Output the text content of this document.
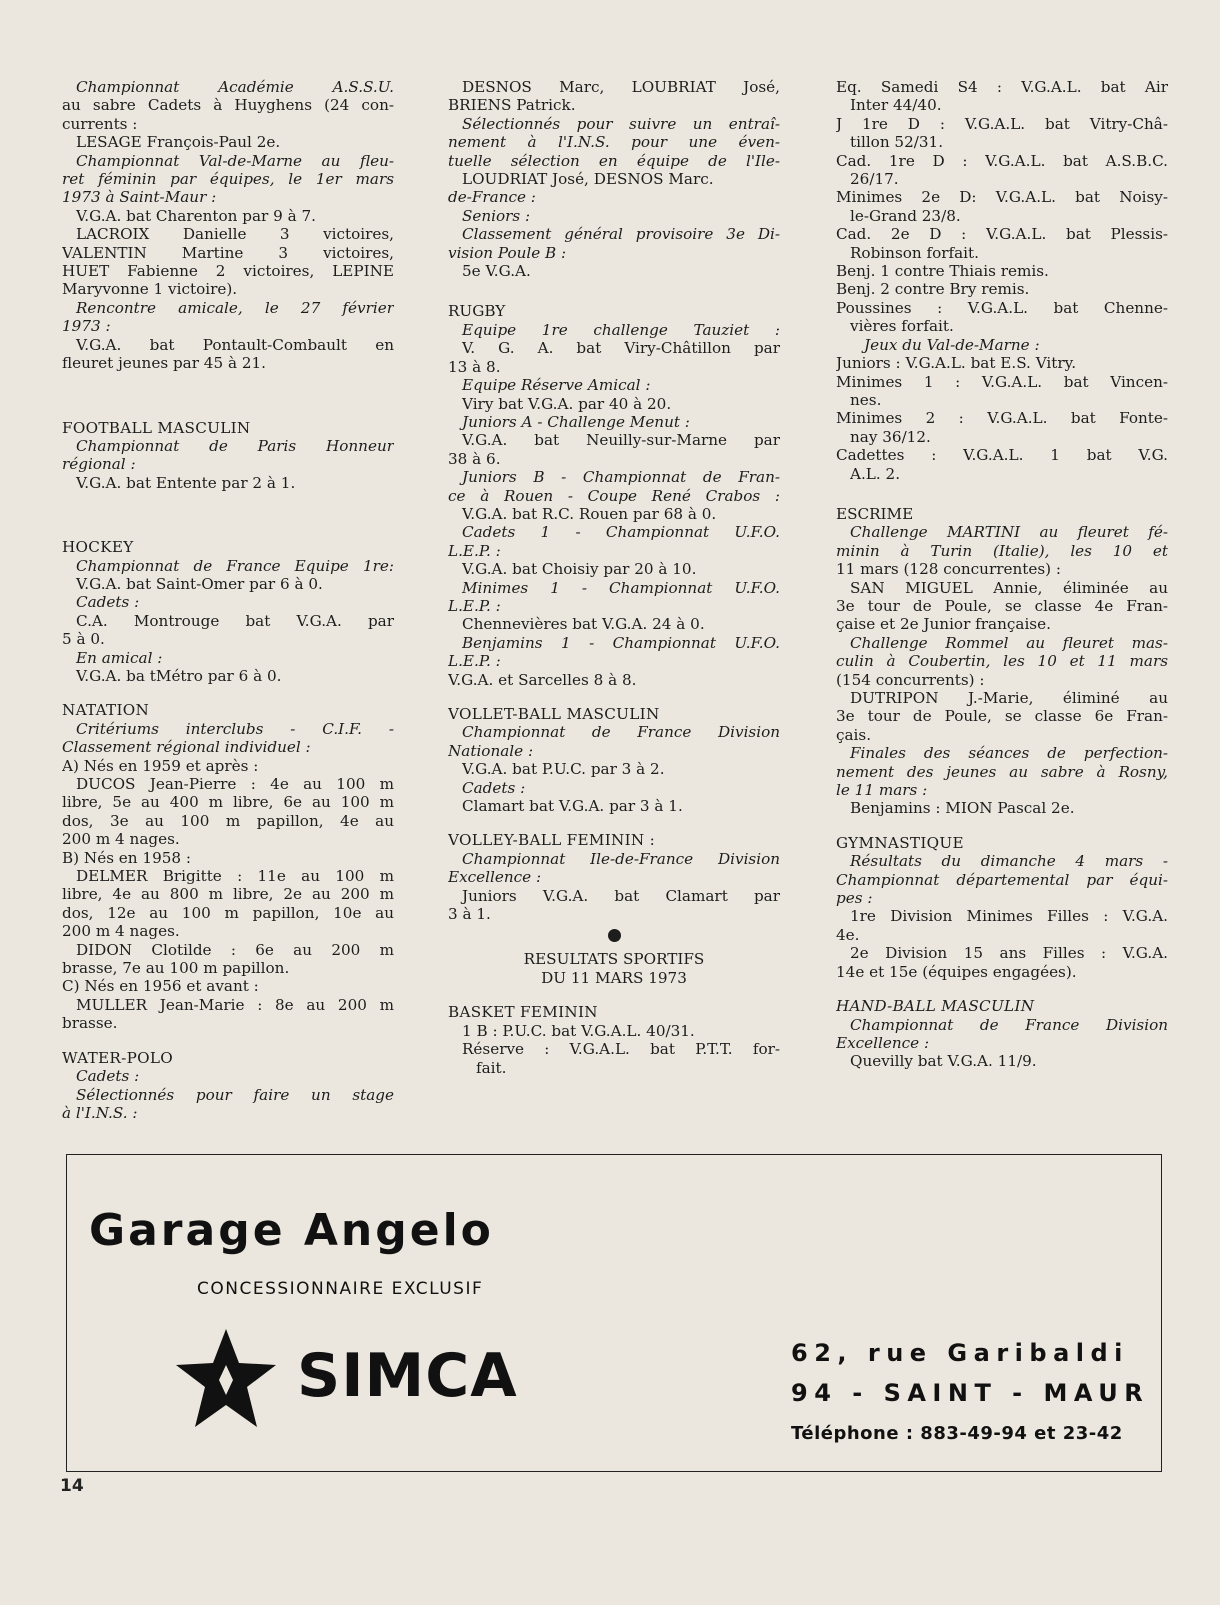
Championnat Académie A.S.S.U.
au sabre Cadets à Huyghens (24 con-
currents :
LESAGE François-Paul 2e.
Championnat Val-de-Marne au fleu-
ret féminin par équipes, le 1er mars
1973 à Saint-Maur :
V.G.A. bat Charenton par 9 à 7.
LACROIX Danielle 3 victoires,
VALENTIN Martine 3 victoires,
HUET Fabienne 2 victoires, LEPINE
Maryvonne 1 victoire).
Rencontre amicale, le 27 février
1973 :
V.G.A. bat Pontault-Combault en
fleuret jeunes par 45 à 21.
FOOTBALL MASCULIN
Championnat de Paris Honneur
régional :
V.G.A. bat Entente par 2 à 1.
HOCKEY
Championnat de France Equipe 1re:
V.G.A. bat Saint-Omer par 6 à 0.
Cadets :
C.A. Montrouge bat V.G.A. par
5 à 0.
En amical :
V.G.A. ba tMétro par 6 à 0.
NATATION
Critériums interclubs - C.I.F. -
Classement régional individuel :
A) Nés en 1959 et après :
DUCOS Jean-Pierre : 4e au 100 m
libre, 5e au 400 m libre, 6e au 100 m
dos, 3e au 100 m papillon, 4e au
200 m 4 nages.
B) Nés en 1958 :
DELMER Brigitte : 11e au 100 m
libre, 4e au 800 m libre, 2e au 200 m
dos, 12e au 100 m papillon, 10e au
200 m 4 nages.
DIDON Clotilde : 6e au 200 m
brasse, 7e au 100 m papillon.
C) Nés en 1956 et avant :
MULLER Jean-Marie : 8e au 200 m
brasse.
WATER-POLO
Cadets :
Sélectionnés pour faire un stage
à l'I.N.S. :
DESNOS Marc, LOUBRIAT José,
BRIENS Patrick.
Sélectionnés pour suivre un entraî-
nement à l'I.N.S. pour une éven-
tuelle sélection en équipe de l'Ile-
LOUDRIAT José, DESNOS Marc.
de-France :
Seniors :
Classement général provisoire 3e Di-
vision Poule B :
5e V.G.A.
RUGBY
Equipe 1re challenge Tauziet :
V. G. A. bat Viry-Châtillon par
13 à 8.
Equipe Réserve Amical :
Viry bat V.G.A. par 40 à 20.
Juniors A - Challenge Menut :
V.G.A. bat Neuilly-sur-Marne par
38 à 6.
Juniors B - Championnat de Fran-
ce à Rouen - Coupe René Crabos :
V.G.A. bat R.C. Rouen par 68 à 0.
Cadets 1 - Championnat U.F.O.
L.E.P. :
V.G.A. bat Choisiy par 20 à 10.
Minimes 1 - Championnat U.F.O.
L.E.P. :
Chennevières bat V.G.A. 24 à 0.
Benjamins 1 - Championnat U.F.O.
L.E.P. :
V.G.A. et Sarcelles 8 à 8.
VOLLET-BALL MASCULIN
Championnat de France Division
Nationale :
V.G.A. bat P.U.C. par 3 à 2.
Cadets :
Clamart bat V.G.A. par 3 à 1.
VOLLEY-BALL FEMININ :
Championnat Ile-de-France Division
Excellence :
Juniors V.G.A. bat Clamart par
3 à 1.
RESULTATS SPORTIFS
DU 11 MARS 1973
BASKET FEMININ
1 B : P.U.C. bat V.G.A.L. 40/31.
Réserve : V.G.A.L. bat P.T.T. for-
fait.
Eq. Samedi S4 : V.G.A.L. bat Air
Inter 44/40.
J 1re D : V.G.A.L. bat Vitry-Châ-
tillon 52/31.
Cad. 1re D : V.G.A.L. bat A.S.B.C.
26/17.
Minimes 2e D: V.G.A.L. bat Noisy-
le-Grand 23/8.
Cad. 2e D : V.G.A.L. bat Plessis-
Robinson forfait.
Benj. 1 contre Thiais remis.
Benj. 2 contre Bry remis.
Poussines : V.G.A.L. bat Chenne-
vières forfait.
Jeux du Val-de-Marne :
Juniors : V.G.A.L. bat E.S. Vitry.
Minimes 1 : V.G.A.L. bat Vincen-
nes.
Minimes 2 : V.G.A.L. bat Fonte-
nay 36/12.
Cadettes : V.G.A.L. 1 bat V.G.
A.L. 2.
ESCRIME
Challenge MARTINI au fleuret fé-
minin à Turin (Italie), les 10 et
11 mars (128 concurrentes) :
SAN MIGUEL Annie, éliminée au
3e tour de Poule, se classe 4e Fran-
çaise et 2e Junior française.
Challenge Rommel au fleuret mas-
culin à Coubertin, les 10 et 11 mars
(154 concurrents) :
DUTRIPON J.-Marie, éliminé au
3e tour de Poule, se classe 6e Fran-
çais.
Finales des séances de perfection-
nement des jeunes au sabre à Rosny,
le 11 mars :
Benjamins : MION Pascal 2e.
GYMNASTIQUE
Résultats du dimanche 4 mars -
Championnat départemental par équi-
pes :
1re Division Minimes Filles : V.G.A.
4e.
2e Division 15 ans Filles : V.G.A.
14e et 15e (équipes engagées).
HAND-BALL MASCULIN
Championnat de France Division
Excellence :
Quevilly bat V.G.A. 11/9.
Garage Angelo
CONCESSIONNAIRE EXCLUSIF
SIMCA	62, rue Garibaldi
94 - SAINT - MAUR
Téléphone : 883-49-94 et 23-42
14
